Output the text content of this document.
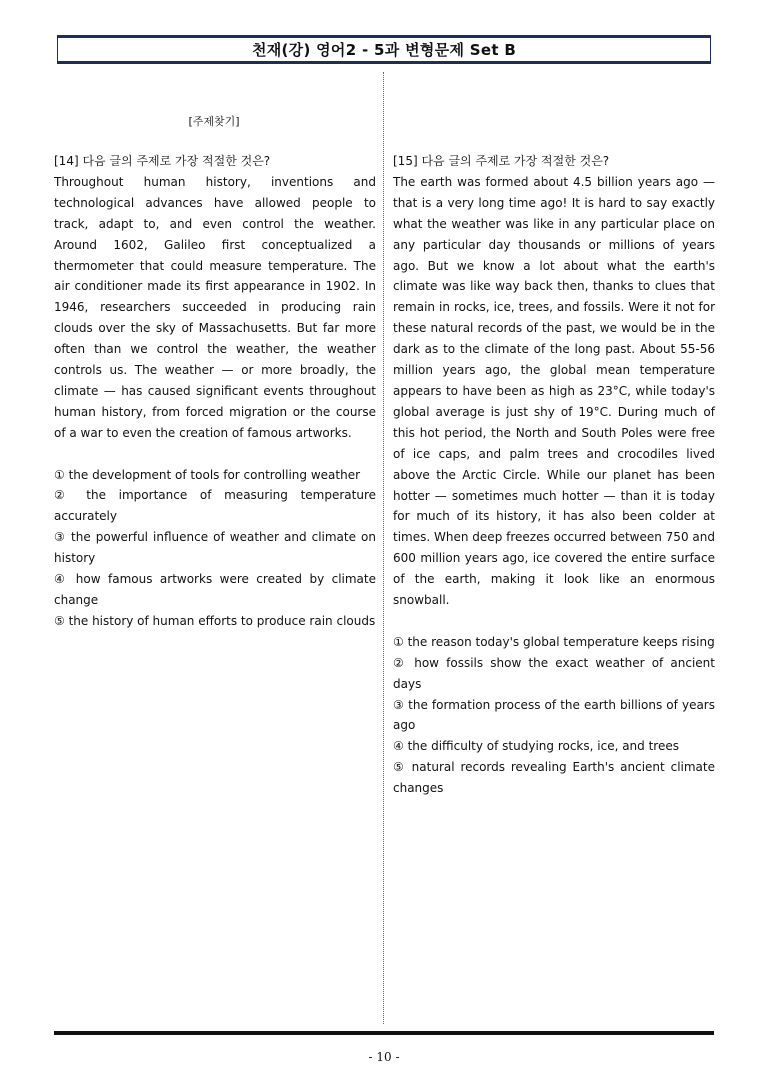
천재(강) 영어2 - 5과 변형문제 Set B
[주제찾기]

[14] 다음 글의 주제로 가장 적절한 것은?

Throughout human history, inventions and technological advances have allowed people to track, adapt to, and even control the weather. Around 1602, Galileo first conceptualized a thermometer that could measure temperature. The air conditioner made its first appearance in 1902. In 1946, researchers succeeded in producing rain clouds over the sky of Massachusetts. But far more often than we control the weather, the weather controls us. The weather — or more broadly, the climate — has caused significant events throughout human history, from forced migration or the course of a war to even the creation of famous artworks.

① the development of tools for controlling weather
② the importance of measuring temperature accurately
③ the powerful influence of weather and climate on history
④ how famous artworks were created by climate change
⑤ the history of human efforts to produce rain clouds

[15] 다음 글의 주제로 가장 적절한 것은?

The earth was formed about 4.5 billion years ago — that is a very long time ago! It is hard to say exactly what the weather was like in any particular place on any particular day thousands or millions of years ago. But we know a lot about what the earth's climate was like way back then, thanks to clues that remain in rocks, ice, trees, and fossils. Were it not for these natural records of the past, we would be in the dark as to the climate of the long past. About 55-56 million years ago, the global mean temperature appears to have been as high as 23°C, while today's global average is just shy of 19°C. During much of this hot period, the North and South Poles were free of ice caps, and palm trees and crocodiles lived above the Arctic Circle. While our planet has been hotter — sometimes much hotter — than it is today for much of its history, it has also been colder at times. When deep freezes occurred between 750 and 600 million years ago, ice covered the entire surface of the earth, making it look like an enormous snowball.

① the reason today's global temperature keeps rising
② how fossils show the exact weather of ancient days
③ the formation process of the earth billions of years ago
④ the difficulty of studying rocks, ice, and trees
⑤ natural records revealing Earth's ancient climate changes
- 10 -
